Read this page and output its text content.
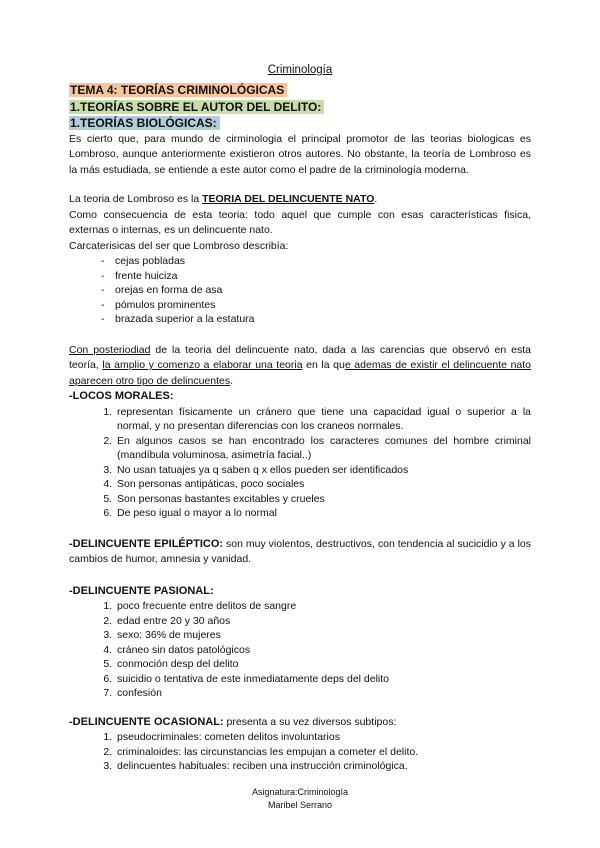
Criminología
TEMA 4: TEORÍAS CRIMINOLÓGICAS
1.TEORÍAS SOBRE EL AUTOR DEL DELITO:
1.TEORÍAS BIOLÓGICAS:

Es cierto que, para mundo de cirminologia el principal promotor de las teorias biologicas es Lombroso, aunque anteriormente existieron otros autores. No obstante, la teoría de Lombroso es la más estudiada, se entiende a este autor como el padre de la criminología moderna.

La teoria de Lombroso es la TEORIA DEL DELINCUENTE NATO.

Como consecuencia de esta teoria: todo aquel que cumple con esas características fisica, externas o internas, es un delincuente nato.

Carcaterisicas del ser que Lombroso describía:

- cejas pobladas
- frente huiciza
- orejas en forma de asa
- pómulos prominentes
- brazada superior a la estatura

Con posteriodiad de la teoria del delincuente nato, dada a las carencias que observó en esta teoría, la amplio y comenzo a elaborar una teoria en la que ademas de existir el delincuente nato aparecen otro tipo de delincuentes.

-LOCOS MORALES:
1. representan físicamente un cránero que tiene una capacidad igual o superior a la normal, y no presentan diferencias con los craneos normales.
2. En algunos casos se han encontrado los caracteres comunes del hombre criminal (mandíbula voluminosa, asimetría facial..)
3. No usan tatuajes ya q saben q x ellos pueden ser identificados
4. Son personas antipáticas, poco sociales
5. Son personas bastantes excitables y crueles
6. De peso igual o mayor a lo normal

-DELINCUENTE EPILÉPTICO: son muy violentos, destructivos, con tendencia al sucicidio y a los cambios de humor, amnesia y vanidad.

-DELINCUENTE PASIONAL:
1. poco frecuente entre delitos de sangre
2. edad entre 20 y 30 años
3. sexo: 36% de mujeres
4. cráneo sin datos patológicos
5. conmoción desp del delito
6. suicidio o tentativa de este inmediatamente deps del delito
7. confesión

-DELINCUENTE OCASIONAL: presenta a su vez diversos subtipos:

1. pseudocriminales: cometen delitos involuntarios
2. criminaloides: las circunstancias les empujan a cometer el delito.
3. delincuentes habituales: reciben una instrucción criminológica.
Asignatura:Criminología
Maribel Serrano
